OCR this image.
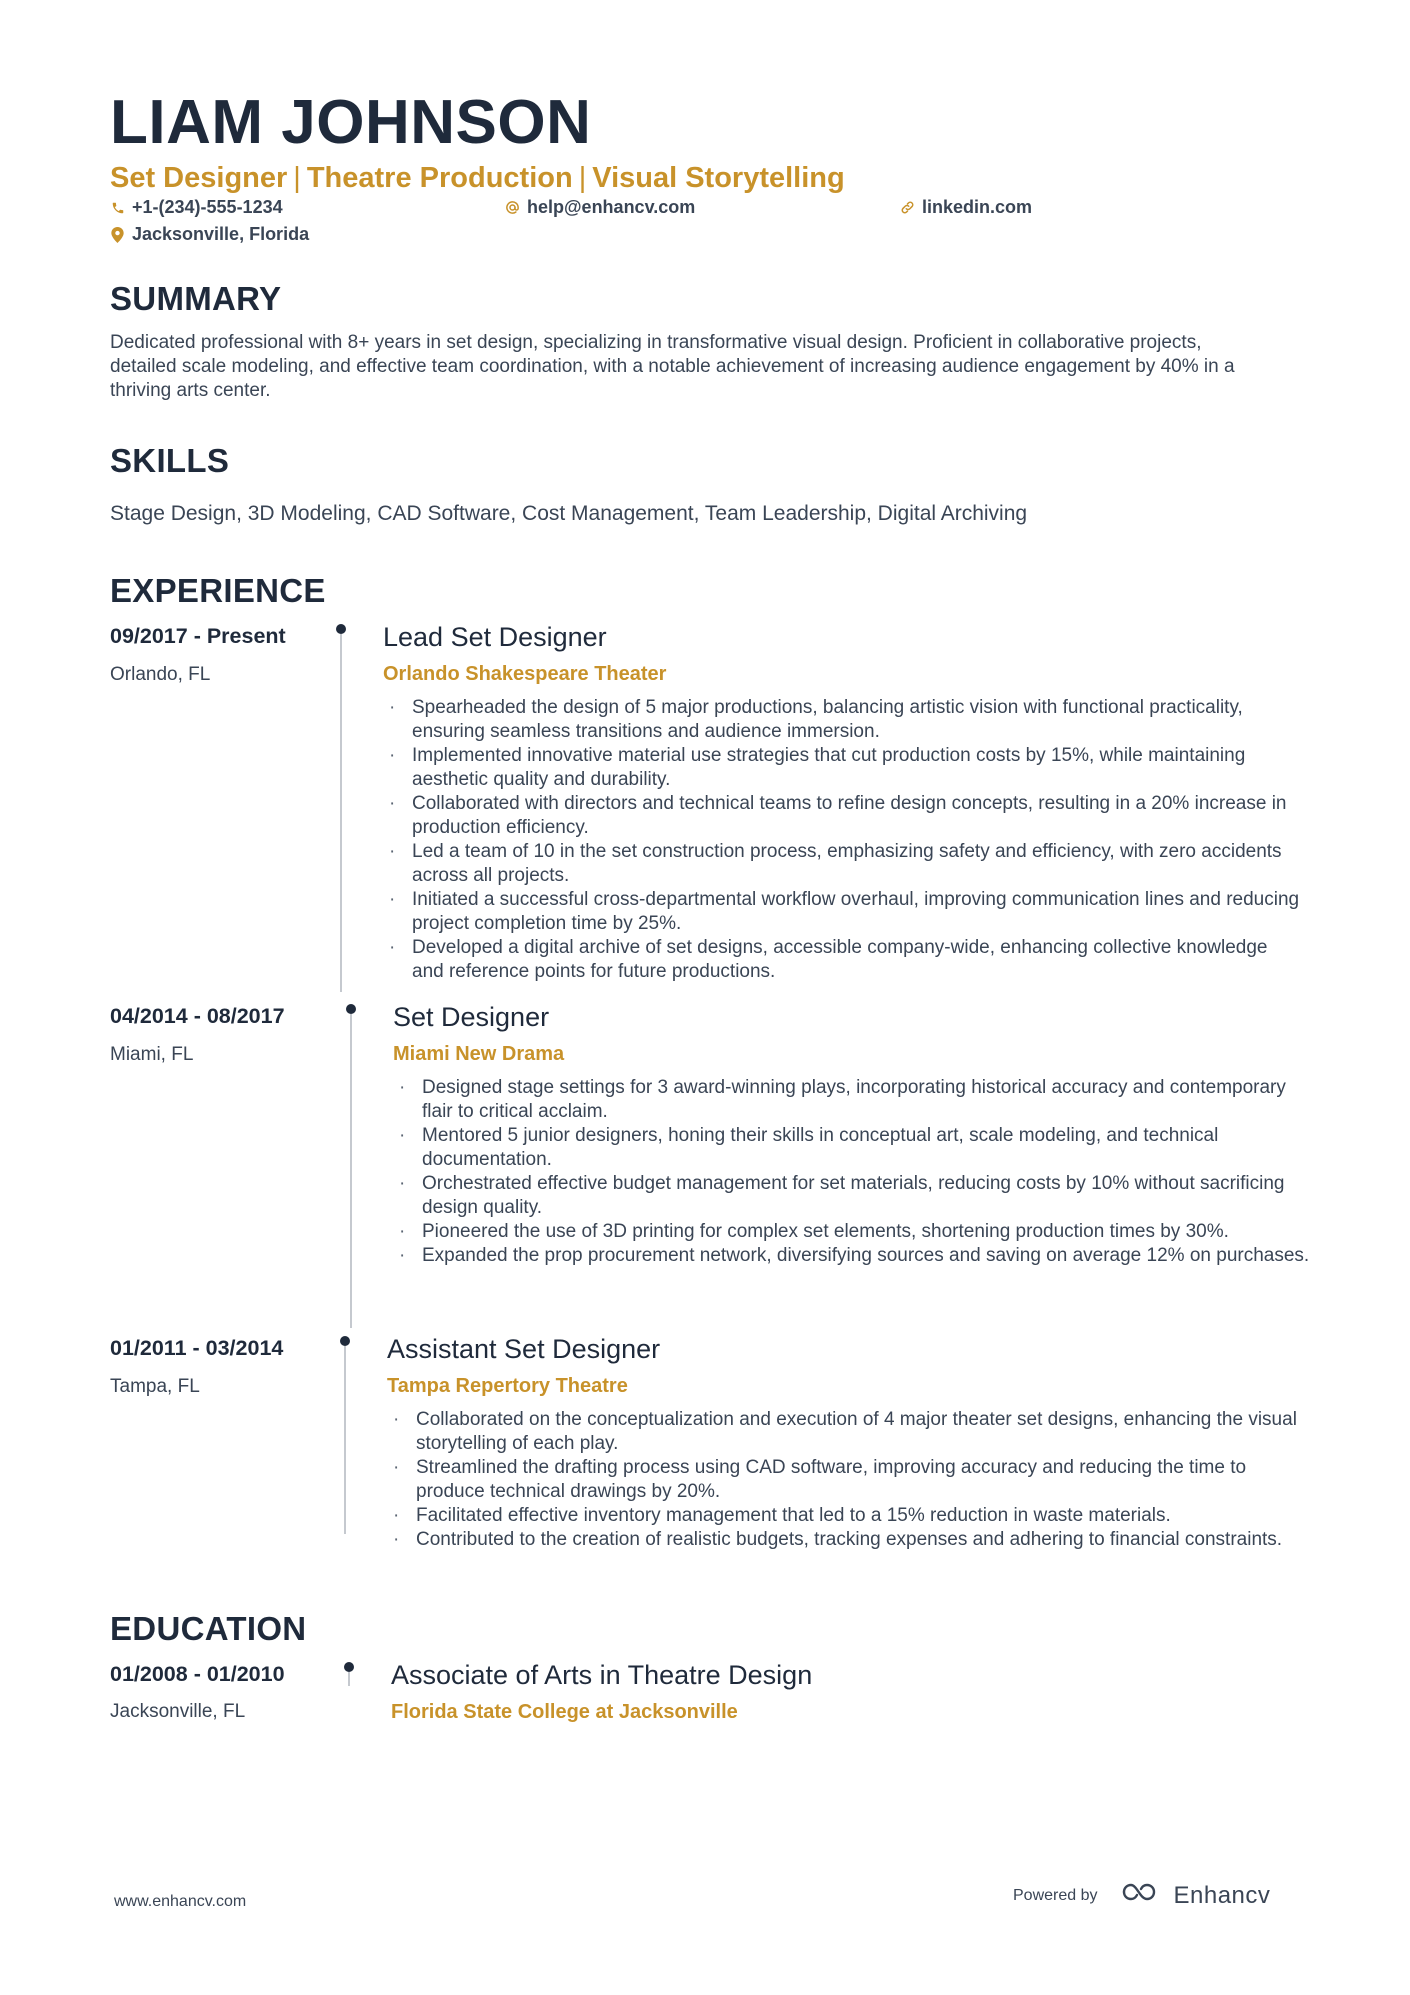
LIAM JOHNSON
Set Designer | Theatre Production | Visual Storytelling
+1-(234)-555-1234	help@enhancv.com	linkedin.com
Jacksonville, Florida
SUMMARY
Dedicated professional with 8+ years in set design, specializing in transformative visual design. Proficient in collaborative projects, detailed scale modeling, and effective team coordination, with a notable achievement of increasing audience engagement by 40% in a thriving arts center.
SKILLS
Stage Design, 3D Modeling, CAD Software, Cost Management, Team Leadership, Digital Archiving
EXPERIENCE
09/2017 - Present
Orlando, FL
Lead Set Designer
Orlando Shakespeare Theater
· Spearheaded the design of 5 major productions, balancing artistic vision with functional practicality, ensuring seamless transitions and audience immersion.
· Implemented innovative material use strategies that cut production costs by 15%, while maintaining aesthetic quality and durability.
· Collaborated with directors and technical teams to refine design concepts, resulting in a 20% increase in production efficiency.
· Led a team of 10 in the set construction process, emphasizing safety and efficiency, with zero accidents across all projects.
· Initiated a successful cross-departmental workflow overhaul, improving communication lines and reducing project completion time by 25%.
· Developed a digital archive of set designs, accessible company-wide, enhancing collective knowledge and reference points for future productions.
04/2014 - 08/2017
Miami, FL
Set Designer
Miami New Drama
· Designed stage settings for 3 award-winning plays, incorporating historical accuracy and contemporary flair to critical acclaim.
· Mentored 5 junior designers, honing their skills in conceptual art, scale modeling, and technical documentation.
· Orchestrated effective budget management for set materials, reducing costs by 10% without sacrificing design quality.
· Pioneered the use of 3D printing for complex set elements, shortening production times by 30%.
· Expanded the prop procurement network, diversifying sources and saving on average 12% on purchases.
01/2011 - 03/2014
Tampa, FL
Assistant Set Designer
Tampa Repertory Theatre
· Collaborated on the conceptualization and execution of 4 major theater set designs, enhancing the visual storytelling of each play.
· Streamlined the drafting process using CAD software, improving accuracy and reducing the time to produce technical drawings by 20%.
· Facilitated effective inventory management that led to a 15% reduction in waste materials.
· Contributed to the creation of realistic budgets, tracking expenses and adhering to financial constraints.
EDUCATION
01/2008 - 01/2010
Jacksonville, FL
Associate of Arts in Theatre Design
Florida State College at Jacksonville
www.enhancv.com	Powered by	Enhancv
